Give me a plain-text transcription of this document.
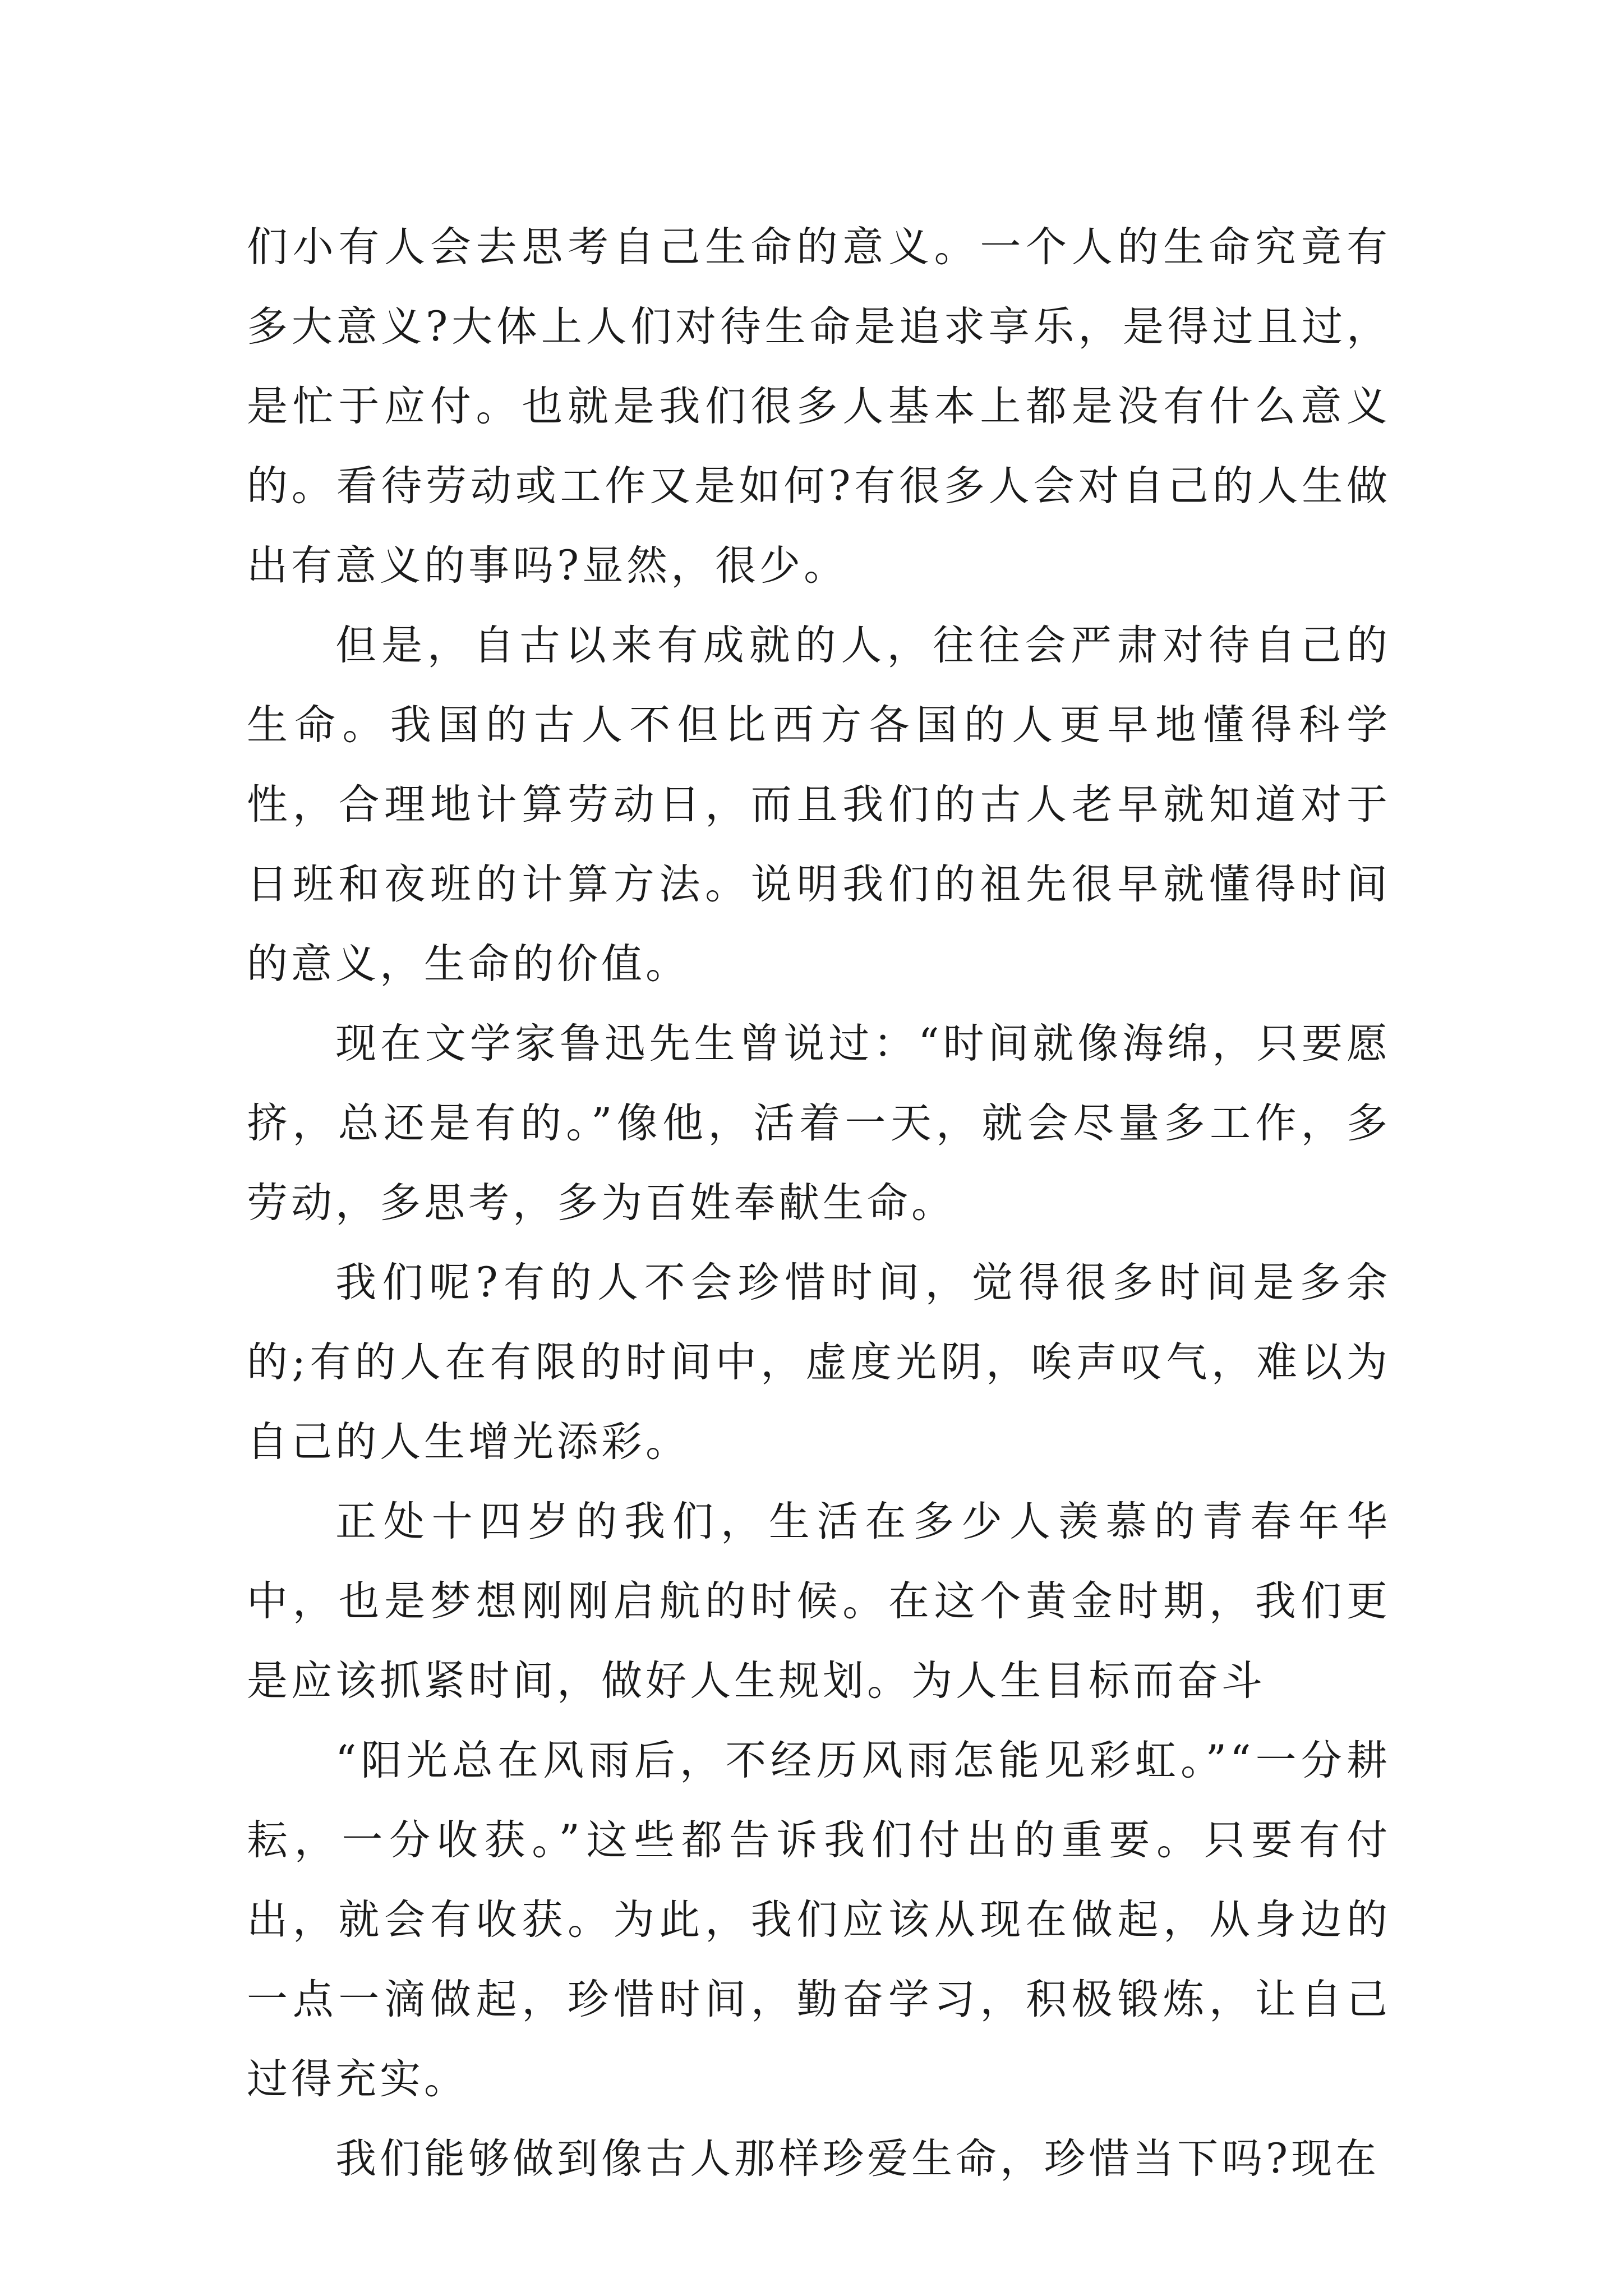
们小有人会去思考自己生命的意义。一个人的生命究竟有多大意义?大体上人们对待生命是追求享乐，是得过且过，是忙于应付。也就是我们很多人基本上都是没有什么意义的。看待劳动或工作又是如何?有很多人会对自己的人生做出有意义的事吗?显然，很少。

但是，自古以来有成就的人，往往会严肃对待自己的生命。我国的古人不但比西方各国的人更早地懂得科学性，合理地计算劳动日，而且我们的古人老早就知道对于日班和夜班的计算方法。说明我们的祖先很早就懂得时间的意义，生命的价值。

现在文学家鲁迅先生曾说过：“时间就像海绵，只要愿挤，总还是有的。”像他，活着一天，就会尽量多工作，多劳动，多思考，多为百姓奉献生命。

我们呢?有的人不会珍惜时间，觉得很多时间是多余的;有的人在有限的时间中，虚度光阴，唉声叹气，难以为自己的人生增光添彩。

正处十四岁的我们，生活在多少人羡慕的青春年华中，也是梦想刚刚启航的时候。在这个黄金时期，我们更是应该抓紧时间，做好人生规划。为人生目标而奋斗

“阳光总在风雨后，不经历风雨怎能见彩虹。”“一分耕耘，一分收获。”这些都告诉我们付出的重要。只要有付出，就会有收获。为此，我们应该从现在做起，从身边的一点一滴做起，珍惜时间，勤奋学习，积极锻炼，让自己过得充实。

我们能够做到像古人那样珍爱生命，珍惜当下吗?现在
